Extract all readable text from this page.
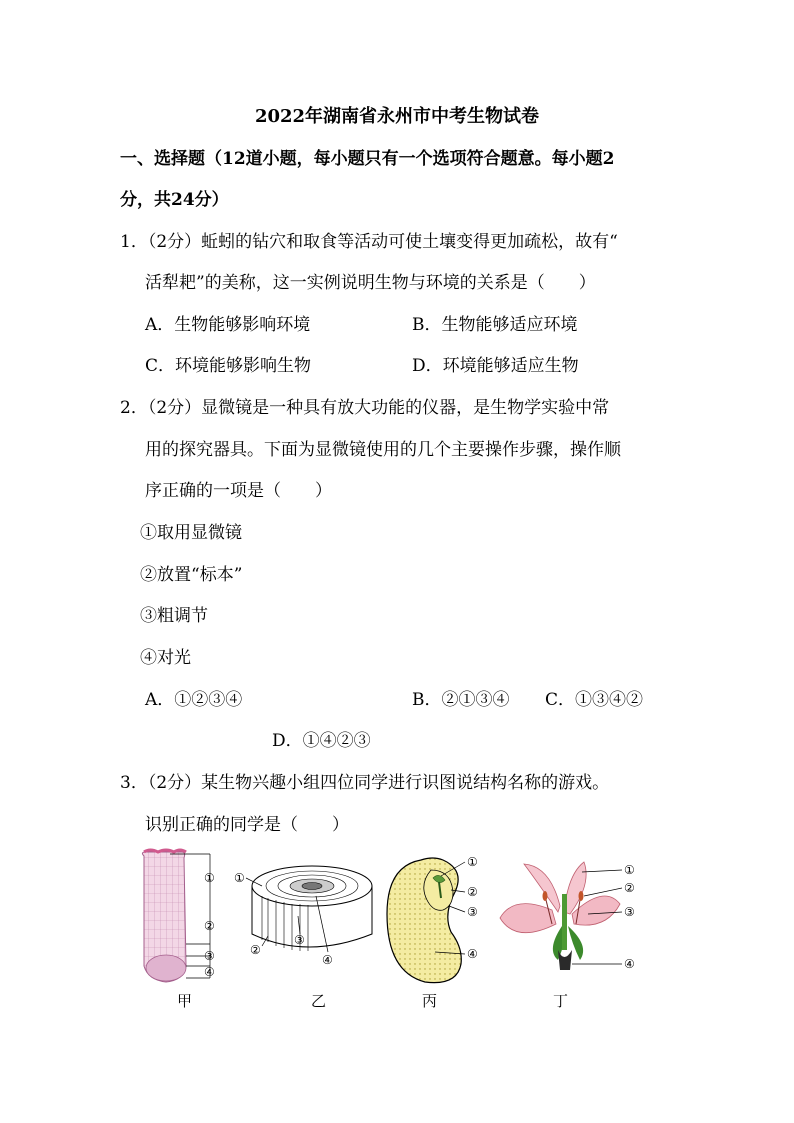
2022年湖南省永州市中考生物试卷
一、选择题（12道小题，每小题只有一个选项符合题意。每小题2
分，共24分）
1．（2分）蚯蚓的钻穴和取食等活动可使土壤变得更加疏松，故有“
活犁耙”的美称，这一实例说明生物与环境的关系是（　　）
A．生物能够影响环境	B．生物能够适应环境
C．环境能够影响生物	D．环境能够适应生物
2．（2分）显微镜是一种具有放大功能的仪器，是生物学实验中常
用的探究器具。下面为显微镜使用的几个主要操作步骤，操作顺
序正确的一项是（　　）
①取用显微镜
②放置“标本”
③粗调节
④对光
A．①②③④	B．②①③④ C．①③④②
D．①④②③
3．（2分）某生物兴趣小组四位同学进行识图说结构名称的游戏。
识别正确的同学是（　　）
①
②
③
④
甲
①
②
③
④
乙
①
②
③
④
丙
①
②
③
④
丁
